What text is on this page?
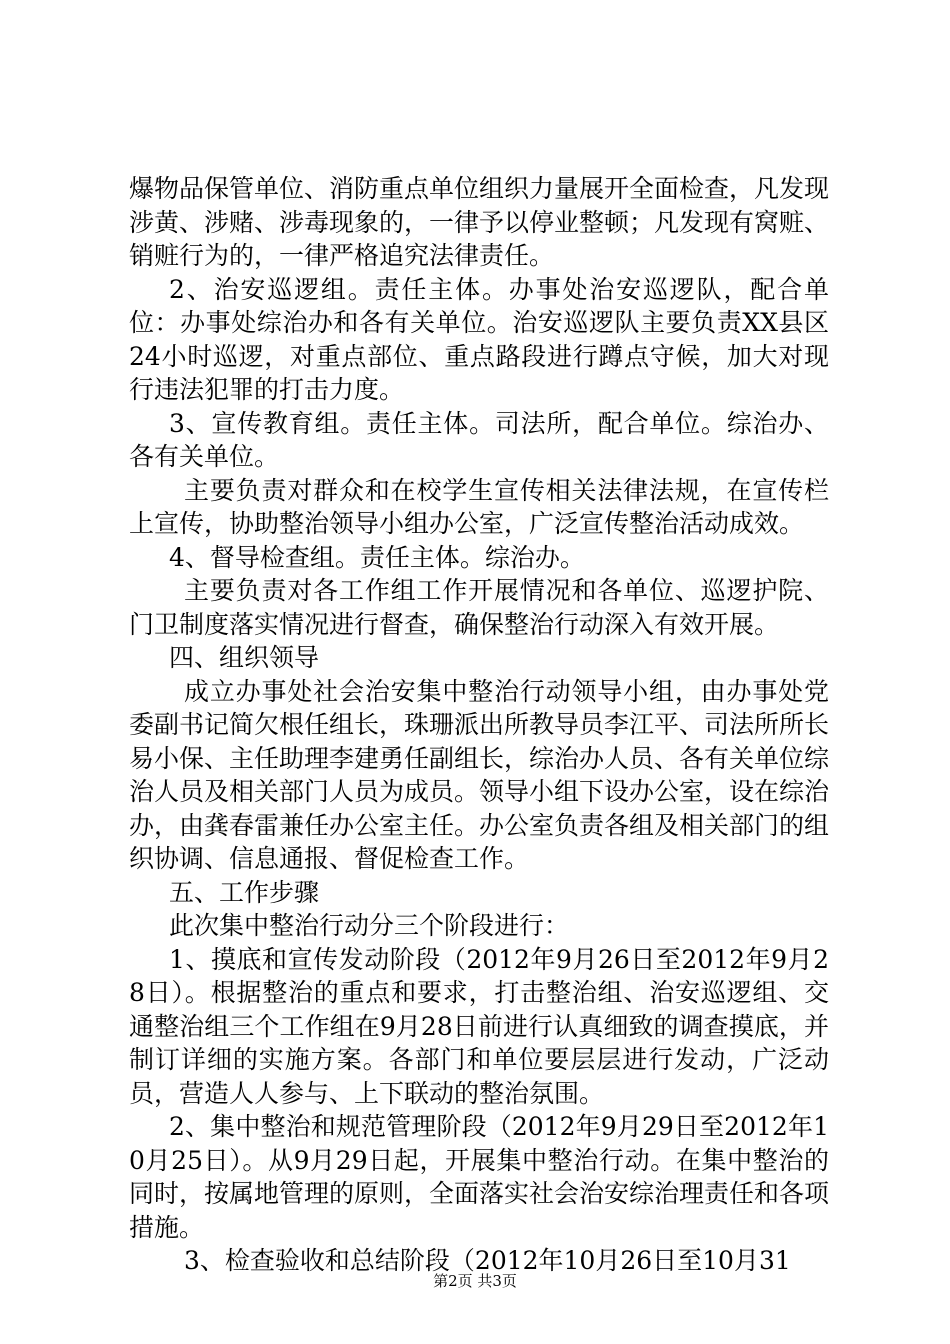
爆物品保管单位、消防重点单位组织力量展开全面检查，凡发现涉黄、涉赌、涉毒现象的，一律予以停业整顿；凡发现有窝赃、销赃行为的，一律严格追究法律责任。

2、治安巡逻组。责任主体。办事处治安巡逻队，配合单位：办事处综治办和各有关单位。治安巡逻队主要负责XX县区24小时巡逻，对重点部位、重点路段进行蹲点守候，加大对现行违法犯罪的打击力度。

3、宣传教育组。责任主体。司法所，配合单位。综治办、各有关单位。

主要负责对群众和在校学生宣传相关法律法规，在宣传栏上宣传，协助整治领导小组办公室，广泛宣传整治活动成效。

4、督导检查组。责任主体。综治办。

主要负责对各工作组工作开展情况和各单位、巡逻护院、门卫制度落实情况进行督查，确保整治行动深入有效开展。

四、组织领导

成立办事处社会治安集中整治行动领导小组，由办事处党委副书记简欠根任组长，珠珊派出所教导员李江平、司法所所长易小保、主任助理李建勇任副组长，综治办人员、各有关单位综治人员及相关部门人员为成员。领导小组下设办公室，设在综治办，由龚春雷兼任办公室主任。办公室负责各组及相关部门的组织协调、信息通报、督促检查工作。

五、工作步骤

此次集中整治行动分三个阶段进行：

1、摸底和宣传发动阶段（2012年9月26日至2012年9月28日）。根据整治的重点和要求，打击整治组、治安巡逻组、交通整治组三个工作组在9月28日前进行认真细致的调查摸底，并制订详细的实施方案。各部门和单位要层层进行发动，广泛动员，营造人人参与、上下联动的整治氛围。

2、集中整治和规范管理阶段（2012年9月29日至2012年10月25日）。从9月29日起，开展集中整治行动。在集中整治的同时，按属地管理的原则，全面落实社会治安综治理责任和各项措施。

3、检查验收和总结阶段（2012年10月26日至10月31

第2页 共3页
